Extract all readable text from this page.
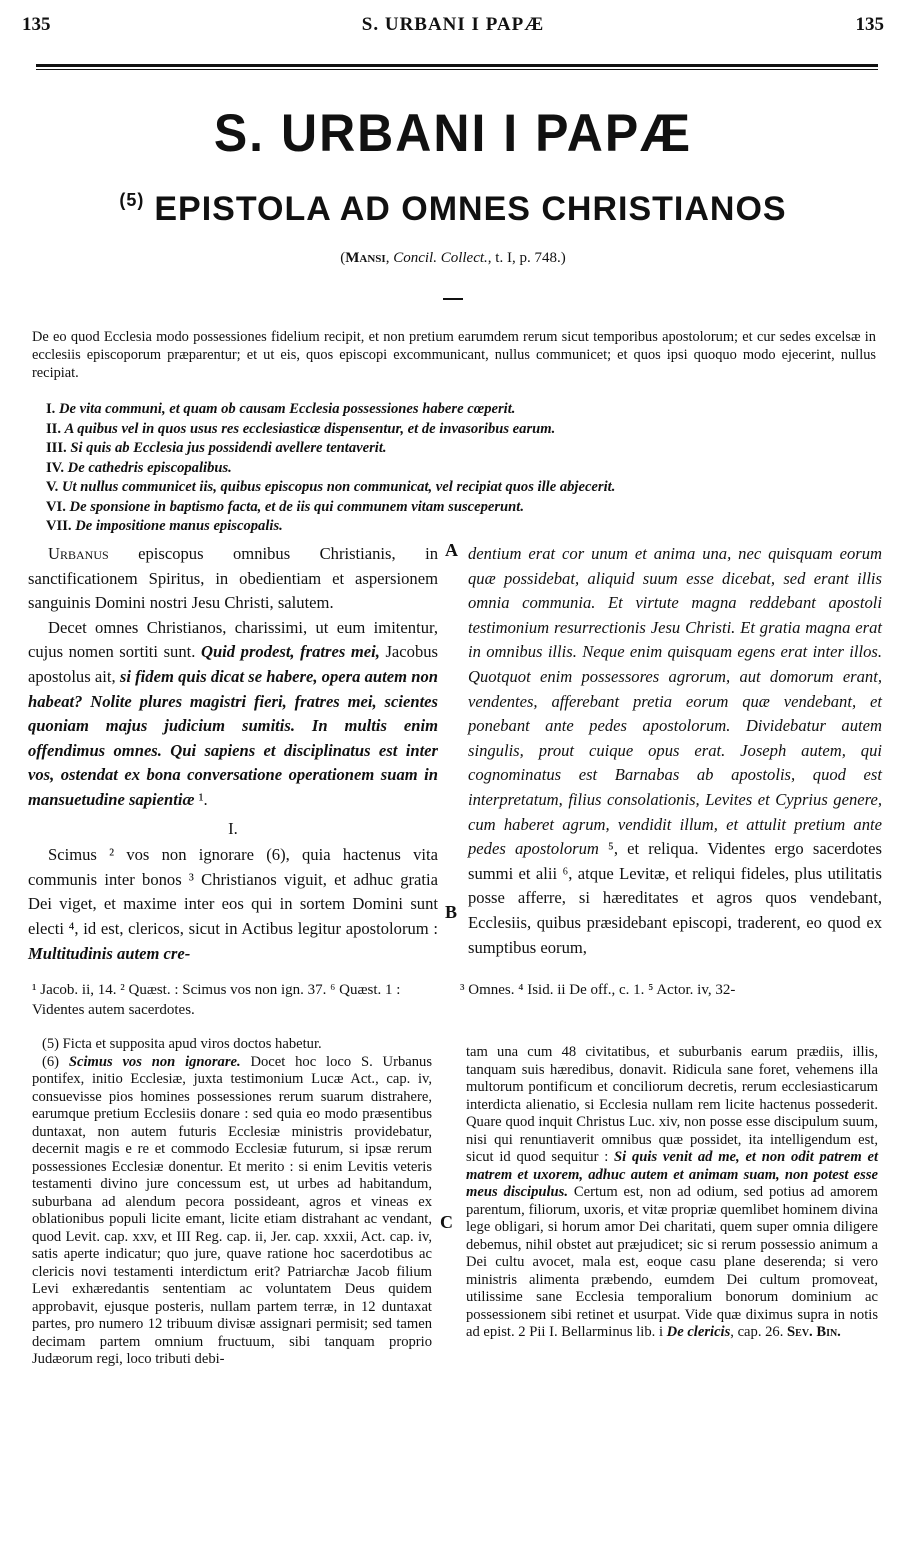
135	S. URBANI I PAPÆ	135
S. URBANI I PAPÆ
$^{(5)}$ EPISTOLA AD OMNES CHRISTIANOS
(Mansi, Concil. Collect., t. I, p. 748.)
De eo quod Ecclesia modo possessiones fidelium recipit, et non pretium earumdem rerum sicut temporibus apostolorum; et cur sedes excelsæ in ecclesiis episcoporum præparentur; et ut eis, quos episcopi excommunicant, nullus communicet; et quos ipsi quoquo modo ejecerint, nullus recipiat.
I. De vita communi, et quam ob causam Ecclesia possessiones habere cœperit.
II. A quibus vel in quos usus res ecclesiasticæ dispensentur, et de invasoribus earum.
III. Si quis ab Ecclesia jus possidendi avellere tentaverit.
IV. De cathedris episcopalibus.
V. Ut nullus communicet iis, quibus episcopus non communicat, vel recipiat quos ille abjecerit.
VI. De sponsione in baptismo facta, et de iis qui communem vitam susceperunt.
VII. De impositione manus episcopalis.

Urbanus episcopus omnibus Christianis, in sanctificationem Spiritus, in obedientiam et aspersionem sanguinis Domini nostri Jesu Christi, salutem.

Decet omnes Christianos, charissimi, ut eum imitentur, cujus nomen sortiti sunt. Quid prodest, fratres mei, Jacobus apostolus ait, si fidem quis dicat se habere, opera autem non habeat? Nolite plures magistri fieri, fratres mei, scientes quoniam majus judicium sumitis. In multis enim offendimus omnes. Qui sapiens et disciplinatus est inter vos, ostendat ex bona conversatione operationem suam in mansuetudine sapientiæ ¹.

I.

Scimus ² vos non ignorare (6), quia hactenus vita communis inter bonos ³ Christianos viguit, et adhuc gratia Dei viget, et maxime inter eos qui in sortem Domini sunt electi ⁴, id est, clericos, sicut in Actibus legitur apostolorum : Multitudinis autem cre-

dentium erat cor unum et anima una, nec quisquam eorum quæ possidebat, aliquid suum esse dicebat, sed erant illis omnia communia. Et virtute magna reddebant apostoli testimonium resurrectionis Jesu Christi. Et gratia magna erat in omnibus illis. Neque enim quisquam egens erat inter illos. Quotquot enim possessores agrorum, aut domorum erant, vendentes, afferebant pretia eorum quæ vendebant, et ponebant ante pedes apostolorum. Dividebatur autem singulis, prout cuique opus erat. Joseph autem, qui cognominatus est Barnabas ab apostolis, quod est interpretatum, filius consolationis, Levites et Cyprius genere, cum haberet agrum, vendidit illum, et attulit pretium ante pedes apostolorum ⁵, et reliqua. Videntes ergo sacerdotes summi et alii ⁶, atque Levitæ, et reliqui fideles, plus utilitatis posse afferre, si hæreditates et agros quos vendebant, Ecclesiis, quibus præsidebant episcopi, traderent, eo quod ex sumptibus eorum,

A
B
C
¹ Jacob. ii, 14. ² Quæst. : Scimus vos non ign. 37. ⁶ Quæst. 1 : Videntes autem sacerdotes.
³ Omnes. ⁴ Isid. ii De off., c. 1. ⁵ Actor. iv, 32-

(5) Ficta et supposita apud viros doctos habetur.

(6) Scimus vos non ignorare. Docet hoc loco S. Urbanus pontifex, initio Ecclesiæ, juxta testimonium Lucæ Act., cap. iv, consuevisse pios homines possessiones rerum suarum distrahere, earumque pretium Ecclesiis donare : sed quia eo modo præsentibus duntaxat, non autem futuris Ecclesiæ ministris providebatur, decernit magis e re et commodo Ecclesiæ futurum, si ipsæ rerum possessiones Ecclesiæ donentur. Et merito : si enim Levitis veteris testamenti divino jure concessum est, ut urbes ad habitandum, suburbana ad alendum pecora possideant, agros et vineas ex oblationibus populi licite emant, licite etiam distrahant ac vendant, quod Levit. cap. xxv, et III Reg. cap. ii, Jer. cap. xxxii, Act. cap. iv, satis aperte indicatur; quo jure, quave ratione hoc sacerdotibus ac clericis novi testamenti interdictum erit? Patriarchæ Jacob filium Levi exhæredantis sententiam ac voluntatem Deus quidem approbavit, ejusque posteris, nullam partem terræ, in 12 duntaxat partes, pro numero 12 tribuum divisæ assignari permisit; sed tamen decimam partem omnium fructuum, sibi tanquam proprio Judæorum regi, loco tributi debi-

tam una cum 48 civitatibus, et suburbanis earum prædiis, illis, tanquam suis hæredibus, donavit. Ridicula sane foret, vehemens illa multorum pontificum et conciliorum decretis, rerum ecclesiasticarum interdicta alienatio, si Ecclesia nullam rem licite hactenus possederit. Quare quod inquit Christus Luc. xiv, non posse esse discipulum suum, nisi qui renuntiaverit omnibus quæ possidet, ita intelligendum est, sicut id quod sequitur : Si quis venit ad me, et non odit patrem et matrem et uxorem, adhuc autem et animam suam, non potest esse meus discipulus. Certum est, non ad odium, sed potius ad amorem parentum, filiorum, uxoris, et vitæ propriæ quemlibet hominem divina lege obligari, si horum amor Dei charitati, quem super omnia diligere debemus, nihil obstet aut præjudicet; sic si rerum possessio animum a Dei cultu avocet, mala est, eoque casu plane deserenda; si vero ministris alimenta præbendo, eumdem Dei cultum promoveat, utilissime sane Ecclesia temporalium bonorum dominium ac possessionem sibi retinet et usurpat. Vide quæ diximus supra in notis ad epist. 2 Pii I. Bellarminus lib. i De clericis, cap. 26. Sev. Bin.
